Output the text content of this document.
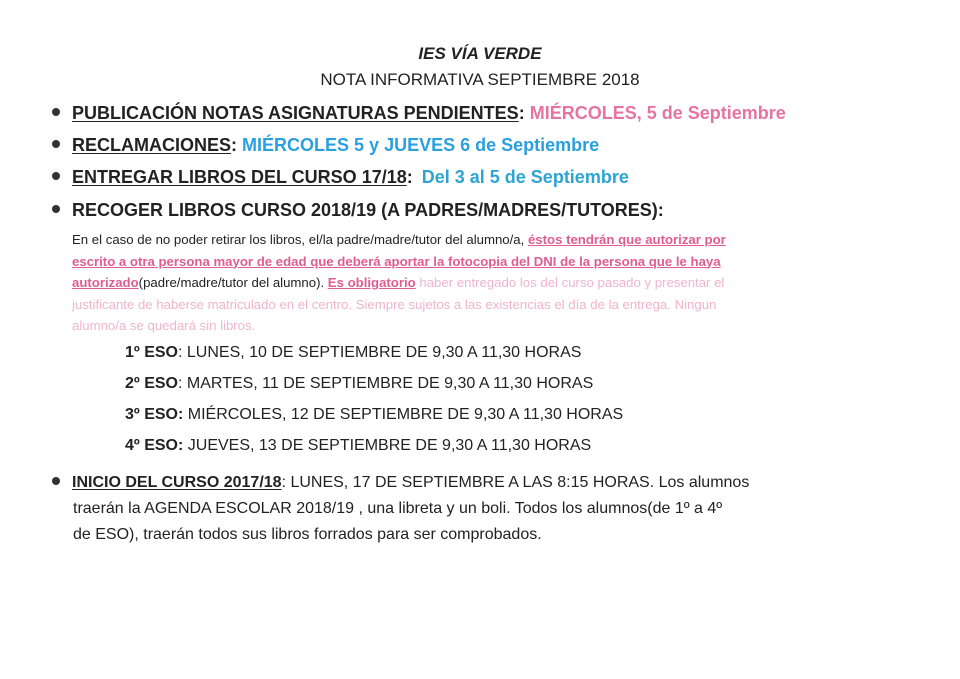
IES VÍA VERDE
NOTA INFORMATIVA SEPTIEMBRE 2018
PUBLICACIÓN NOTAS ASIGNATURAS PENDIENTES: MIÉRCOLES, 5 de Septiembre
RECLAMACIONES: MIÉRCOLES 5 y JUEVES 6 de Septiembre
ENTREGAR LIBROS DEL CURSO 17/18: Del 3 al 5 de Septiembre
RECOGER LIBROS CURSO 2018/19 (A PADRES/MADRES/TUTORES):
En el caso de no poder retirar los libros, el/la padre/madre/tutor del alumno/a, éstos tendrán que autorizar por
escrito a otra persona mayor de edad que deberá aportar la fotocopia del DNI de la persona que le haya
autorizado(padre/madre/tutor del alumno). Es obligatorio haber entregado los del curso pasado y presentar el
justificante de haberse matriculado en el centro. Siempre sujetos a las existencias el día de la entrega. Ningun
alumno/a se quedará sin libros.
1º ESO: LUNES, 10 DE SEPTIEMBRE DE 9,30 A 11,30 HORAS
2º ESO: MARTES, 11 DE SEPTIEMBRE DE 9,30 A 11,30 HORAS
3º ESO: MIÉRCOLES, 12 DE SEPTIEMBRE DE 9,30 A 11,30 HORAS
4º ESO: JUEVES, 13 DE SEPTIEMBRE DE 9,30 A 11,30 HORAS
INICIO DEL CURSO 2017/18: LUNES, 17 DE SEPTIEMBRE A LAS 8:15 HORAS. Los alumnos
traerán la AGENDA ESCOLAR 2018/19 , una libreta y un boli. Todos los alumnos(de 1º a 4º
de ESO), traerán todos sus libros forrados para ser comprobados.
